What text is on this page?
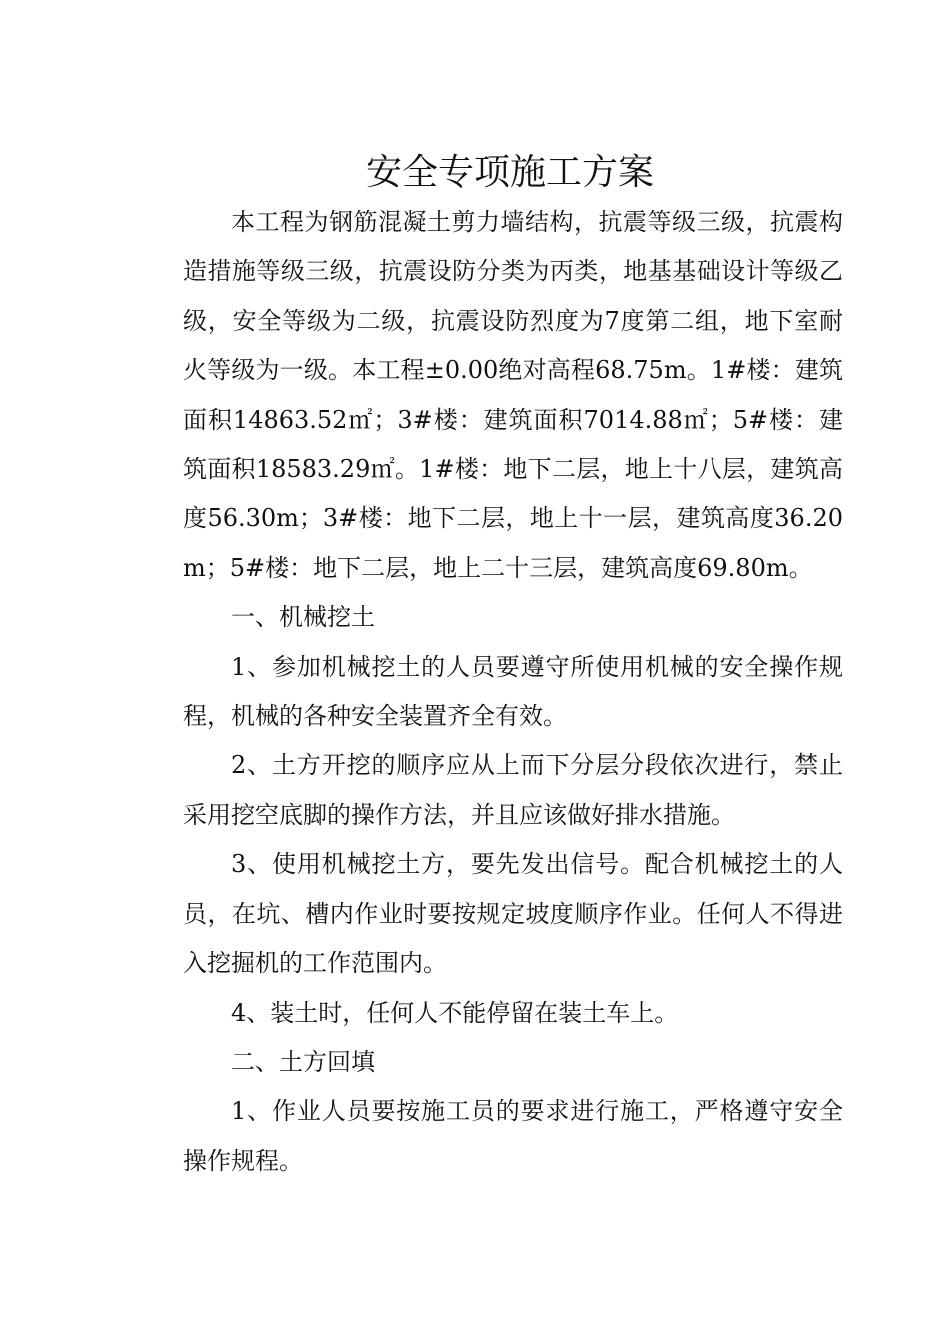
安全专项施工方案

本工程为钢筋混凝土剪力墙结构，抗震等级三级，抗震构造措施等级三级，抗震设防分类为丙类，地基基础设计等级乙级，安全等级为二级，抗震设防烈度为7度第二组，地下室耐火等级为一级。本工程±0.00绝对高程68.75m。1#楼：建筑面积14863.52㎡；3#楼：建筑面积7014.88㎡；5#楼：建筑面积18583.29㎡。1#楼：地下二层，地上十八层，建筑高度56.30m；3#楼：地下二层，地上十一层，建筑高度36.20m；5#楼：地下二层，地上二十三层，建筑高度69.80m。

一、机械挖土

1、参加机械挖土的人员要遵守所使用机械的安全操作规程，机械的各种安全装置齐全有效。

2、土方开挖的顺序应从上而下分层分段依次进行，禁止采用挖空底脚的操作方法，并且应该做好排水措施。

3、使用机械挖土方，要先发出信号。配合机械挖土的人员，在坑、槽内作业时要按规定坡度顺序作业。任何人不得进入挖掘机的工作范围内。

4、装土时，任何人不能停留在装土车上。

二、土方回填

1、作业人员要按施工员的要求进行施工，严格遵守安全操作规程。
